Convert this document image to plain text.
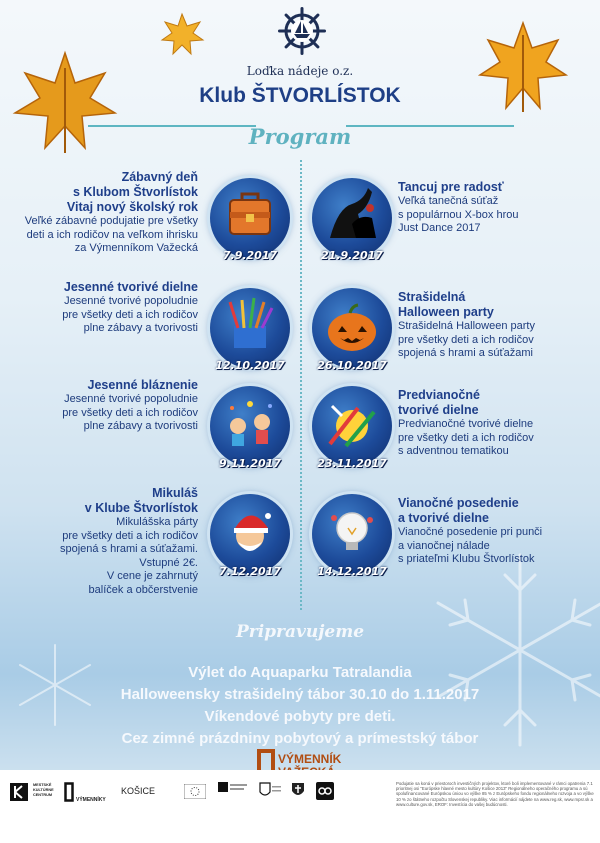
Loďka nádeje o.z.
Klub ŠTVORLÍSTOK
Program
Zábavný deň
s Klubom Štvorlístok
Vitaj nový školský rok
Veľké zábavné podujatie pre všetky
deti a ich rodičov na veľkom ihrisku
za Výmenníkom Važecká
7.9.2017
Tancuj pre radosť
Veľká tanečná súťaž
s populárnou X-box hrou
Just Dance 2017
21.9.2017
Jesenné tvorivé dielne
Jesenné tvorivé popoludnie
pre všetky deti a ich rodičov
plne zábavy a tvorivosti
12.10.2017
Strašidelná
Halloween party
Strašidelná Halloween party
pre všetky deti a ich rodičov
spojená s hrami a súťažami
26.10.2017
Jesenné bláznenie
Jesenné tvorivé popoludnie
pre všetky deti a ich rodičov
plne zábavy a tvorivosti
9.11.2017
Predvianočné
tvorivé dielne
Predvianočné tvorivé dielne
pre všetky deti a ich rodičov
s adventnou tematikou
23.11.2017
Mikuláš
v Klube Štvorlístok
Mikulášska párty
pre všetky deti a ich rodičov
spojená s hrami a súťažami.
Vstupné 2€.
V cene je zahrnutý
balíček a občerstvenie
7.12.2017
Vianočné posedenie
a tvorivé dielne
Vianočné posedenie pri punči
a vianočnej nálade
s priateľmi Klubu Štvorlístok
14.12.2017
Pripravujeme
Výlet do Aquaparku Tatralandia
Halloweensky strašidelný tábor 30.10 do 1.11.2017
Víkendové pobyty pre deti.
Cez zimné prázdniny pobytový a prímestský tábor
VÝMENNÍK
MESTSKÉ KULTÚRNE CENTRUM
VÝMENNÍKY
KOŠICE
Podujatie sa koná v priestoroch investičných projektov, ktoré boli implementované v rámci opatrenia 7.1 prioritnej osi "Európske hlavné mesto kultúry Košice 2013" Regionálneho operačného programu a sú spolufinancované Európskou úniou vo výške 85 % z Európskeho fondu regionálneho rozvoja a vo výške 10 % zo štátneho rozpočtu Slovenskej republiky. Viac informácií nájdete na www.reg.sk, www.mpsr.sk a www.culture.gov.sk, EROF: Investícia do vašej budúcnosti.
